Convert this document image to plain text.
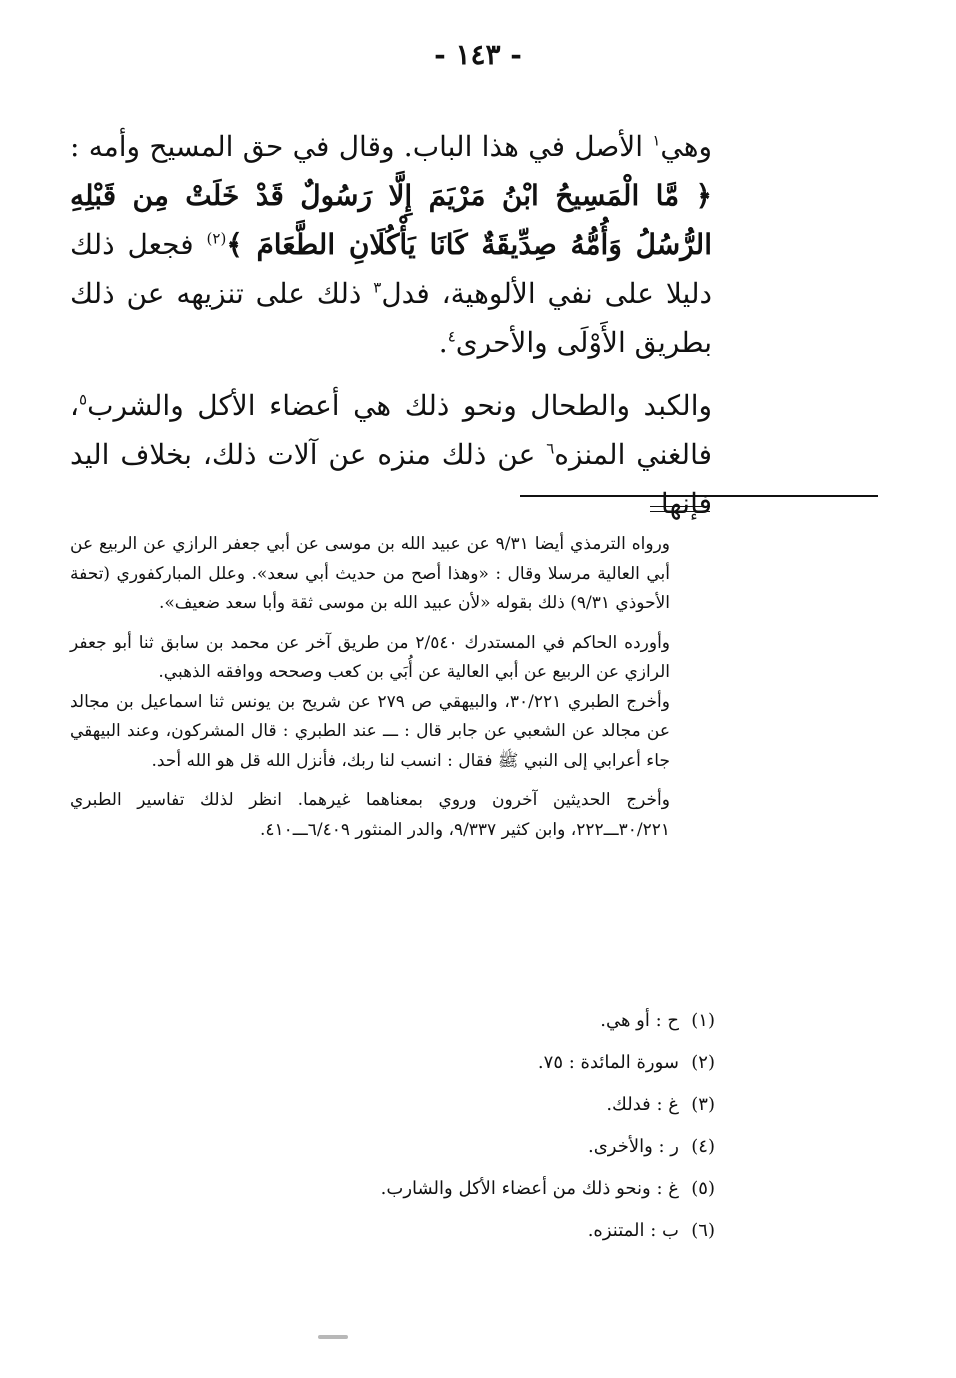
- ١٤٣ -

وهي$^١$ الأصل في هذا الباب. وقال في حق المسيح وأمه : ﴿ مَّا الْمَسِيحُ ابْنُ مَرْيَمَ إِلَّا رَسُولٌ قَدْ خَلَتْ مِن قَبْلِهِ الرُّسُلُ وَأُمُّهُ صِدِّيقَةٌ كَانَا يَأْكُلَانِ الطَّعَامَ ﴾$^{(٢)}$ فجعل ذلك دليلا على نفي الألوهية، فدل$^٣$ ذلك على تنزيهه عن ذلك بطريق الأَوْلَى والأحرى$^٤$.

والكبد والطحال ونحو ذلك هي أعضاء الأكل والشرب$^٥$، فالغني المنزه$^٦$ عن ذلك منزه عن آلات ذلك، بخلاف اليد فإنها

ورواه الترمذي أيضا ٩/٣١ عن عبيد الله بن موسى عن أبي جعفر الرازي عن الربيع عن أبي العالية مرسلا وقال : «وهذا أصح من حديث أبي سعد». وعلل المباركفوري (تحفة الأحوذي ٩/٣١) ذلك بقوله «لأن عبيد الله بن موسى ثقة وأبا سعد ضعيف».

وأورده الحاكم في المستدرك ٢/٥٤٠ من طريق آخر عن محمد بن سابق ثنا أبو جعفر الرازي عن الربيع عن أبي العالية عن أُبَي بن كعب وصححه ووافقه الذهبي.

وأخرج الطبري ٣٠/٢٢١، والبيهقي ص ٢٧٩ عن شريح بن يونس ثنا اسماعيل بن مجالد عن مجالد عن الشعبي عن جابر قال : ـــ عند الطبري : قال المشركون، وعند البيهقي جاء أعرابي إلى النبي ﷺ فقال : انسب لنا ربك، فأنزل الله قل هو الله أحد.

وأخرج الحديثين آخرون وروي بمعناهما غيرهما. انظر لذلك تفاسير الطبري ٣٠/٢٢١ـــ٢٢٢، وابن كثير ٩/٣٣٧، والدر المنثور ٦/٤٠٩ـــ٤١٠.

(١)ح : أو هي.
(٢)سورة المائدة : ٧٥.
(٣)غ : فدلك.
(٤)ر : والأخرى.
(٥)غ : ونحو ذلك من أعضاء الأكل والشارب.
(٦)ب : المتنزه.
